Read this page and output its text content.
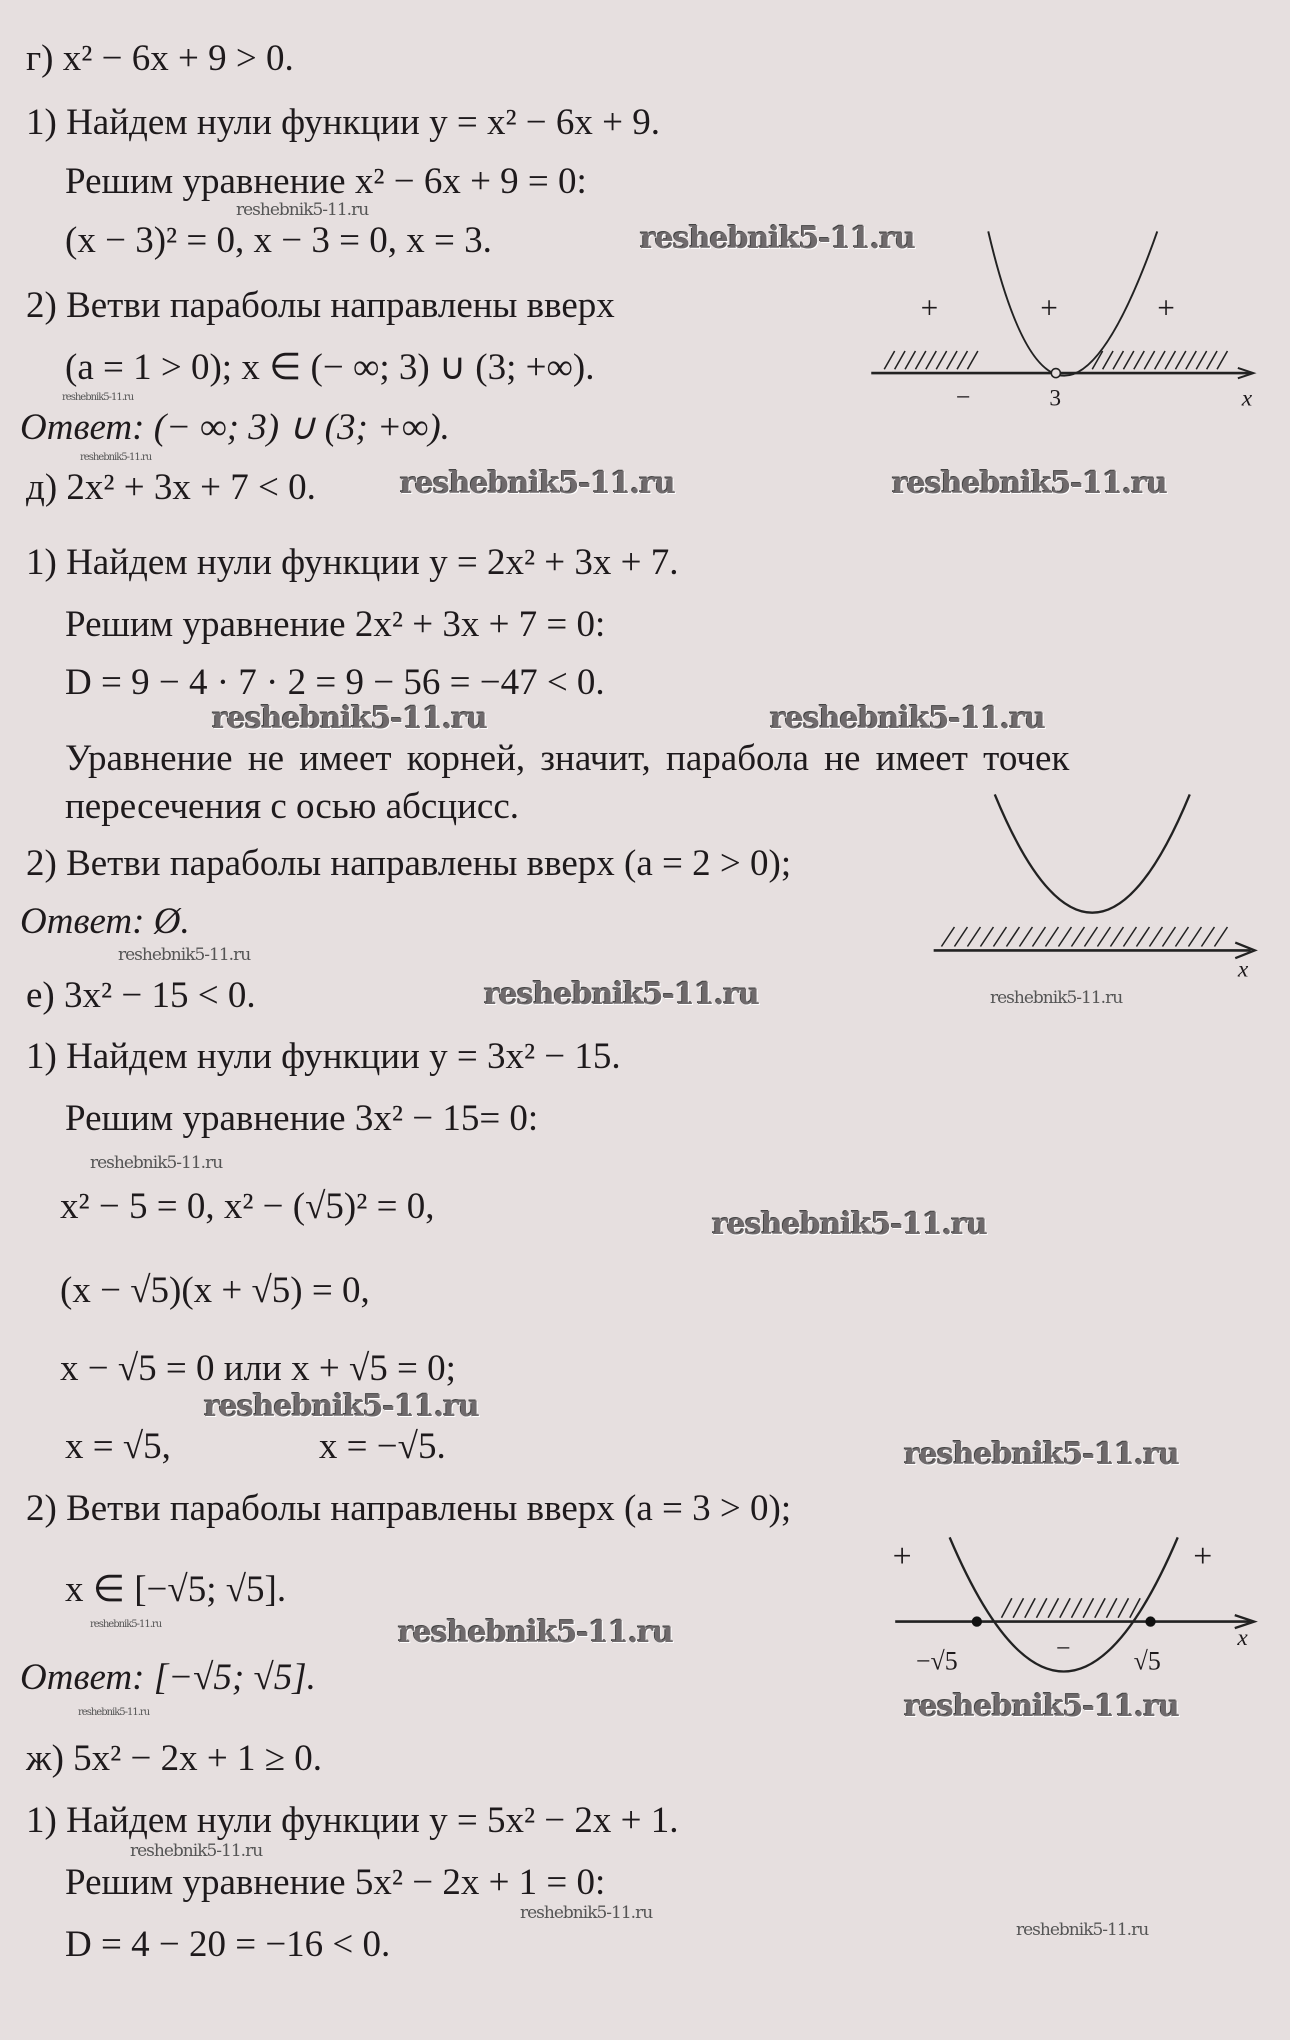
г) x² − 6x + 9 > 0.
1) Найдем нули функции y = x² − 6x + 9.
Решим уравнение x² − 6x + 9 = 0:
(x − 3)² = 0, x − 3 = 0, x = 3.
2) Ветви параболы направлены вверх
(a = 1 > 0); x ∈ (− ∞; 3) ∪ (3; +∞).
Ответ: (− ∞; 3) ∪ (3; +∞).
д) 2x² + 3x + 7 < 0.
1) Найдем нули функции y = 2x² + 3x + 7.
Решим уравнение 2x² + 3x + 7 = 0:
D = 9 − 4 · 7 · 2 = 9 − 56 = −47 < 0.
Уравнение не имеет корней, значит, парабола не имеет точек
пересечения с осью абсцисс.
2) Ветви параболы направлены вверх (a = 2 > 0);
Ответ: Ø.
е) 3x² − 15 < 0.
1) Найдем нули функции y = 3x² − 15.
Решим уравнение 3x² − 15= 0:
x² − 5 = 0, x² − (√5)² = 0,
(x − √5)(x + √5) = 0,
x − √5 = 0 или x + √5 = 0;
x = √5,                x = −√5.
2) Ветви параболы направлены вверх (a = 3 > 0);
x ∈ [−√5; √5].
Ответ: [−√5; √5].
ж) 5x² − 2x + 1 ≥ 0.
1) Найдем нули функции y = 5x² − 2x + 1.
Решим уравнение 5x² − 2x + 1 = 0:
D = 4 − 20 = −16 < 0.
+	+	+
−	3	x
x
+	+
−
−√5	√5
x
reshebnik5-11.ru
reshebnik5-11.ru
reshebnik5-11.ru
reshebnik5-11.ru
reshebnik5-11.ru	reshebnik5-11.ru
reshebnik5-11.ru	reshebnik5-11.ru
reshebnik5-11.ru
reshebnik5-11.ru
reshebnik5-11.ru
reshebnik5-11.ru
reshebnik5-11.ru
reshebnik5-11.ru
reshebnik5-11.ru
reshebnik5-11.ru	reshebnik5-11.ru
reshebnik5-11.ru
reshebnik5-11.ru
reshebnik5-11.ru
reshebnik5-11.ru
reshebnik5-11.ru
